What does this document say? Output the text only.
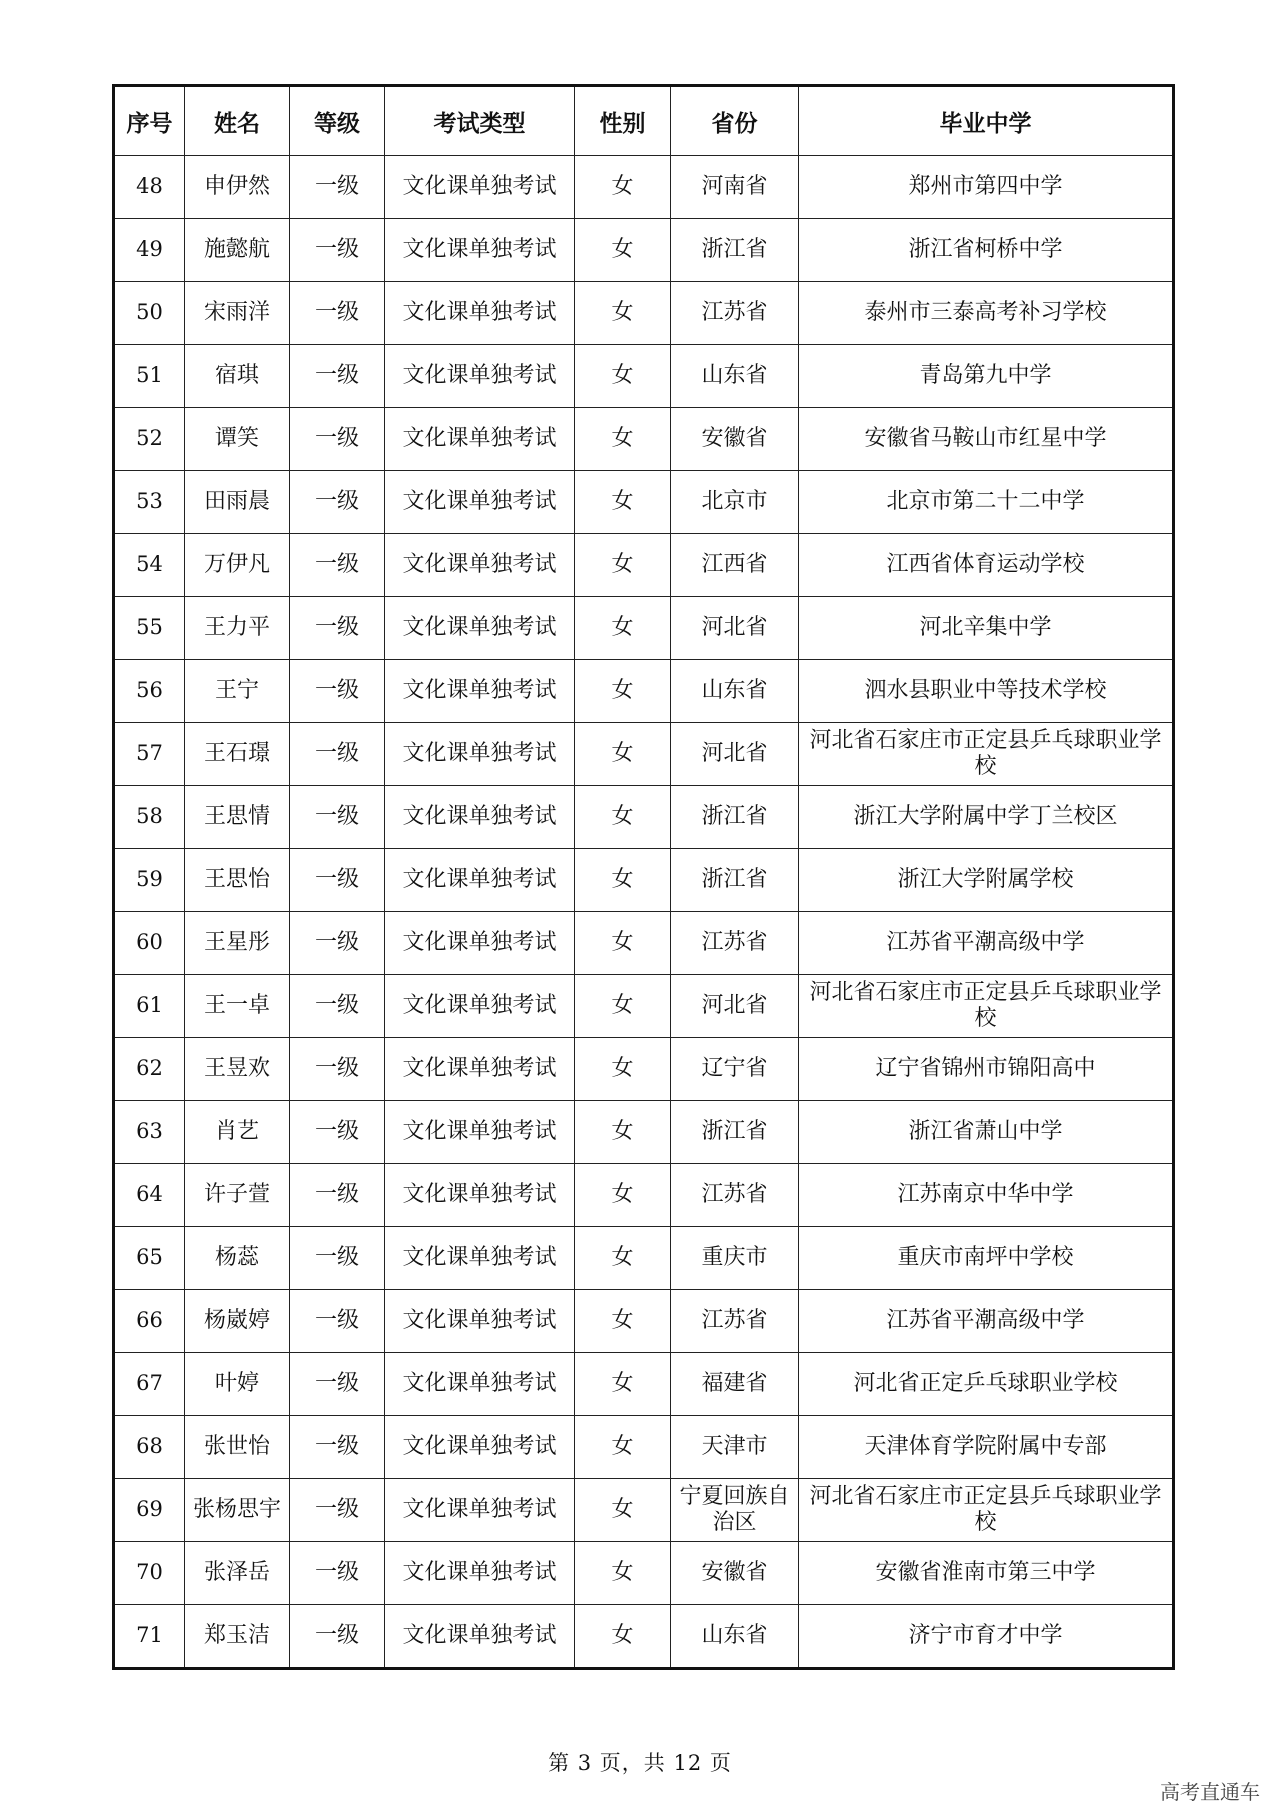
序号	姓名	等级	考试类型	性别	省份	毕业中学
48	申伊然	一级	文化课单独考试	女	河南省	郑州市第四中学
49	施懿航	一级	文化课单独考试	女	浙江省	浙江省柯桥中学
50	宋雨洋	一级	文化课单独考试	女	江苏省	泰州市三泰高考补习学校
51	宿琪	一级	文化课单独考试	女	山东省	青岛第九中学
52	谭笑	一级	文化课单独考试	女	安徽省	安徽省马鞍山市红星中学
53	田雨晨	一级	文化课单独考试	女	北京市	北京市第二十二中学
54	万伊凡	一级	文化课单独考试	女	江西省	江西省体育运动学校
55	王力平	一级	文化课单独考试	女	河北省	河北辛集中学
56	王宁	一级	文化课单独考试	女	山东省	泗水县职业中等技术学校
57	王石璟	一级	文化课单独考试	女	河北省	河北省石家庄市正定县乒乓球职业学校
58	王思情	一级	文化课单独考试	女	浙江省	浙江大学附属中学丁兰校区
59	王思怡	一级	文化课单独考试	女	浙江省	浙江大学附属学校
60	王星彤	一级	文化课单独考试	女	江苏省	江苏省平潮高级中学
61	王一卓	一级	文化课单独考试	女	河北省	河北省石家庄市正定县乒乓球职业学校
62	王昱欢	一级	文化课单独考试	女	辽宁省	辽宁省锦州市锦阳高中
63	肖艺	一级	文化课单独考试	女	浙江省	浙江省萧山中学
64	许子萱	一级	文化课单独考试	女	江苏省	江苏南京中华中学
65	杨蕊	一级	文化课单独考试	女	重庆市	重庆市南坪中学校
66	杨崴婷	一级	文化课单独考试	女	江苏省	江苏省平潮高级中学
67	叶婷	一级	文化课单独考试	女	福建省	河北省正定乒乓球职业学校
68	张世怡	一级	文化课单独考试	女	天津市	天津体育学院附属中专部
69	张杨思宇	一级	文化课单独考试	女	宁夏回族自治区	河北省石家庄市正定县乒乓球职业学校
70	张泽岳	一级	文化课单独考试	女	安徽省	安徽省淮南市第三中学
71	郑玉洁	一级	文化课单独考试	女	山东省	济宁市育才中学
第 3 页，共 12 页
高考直通车
